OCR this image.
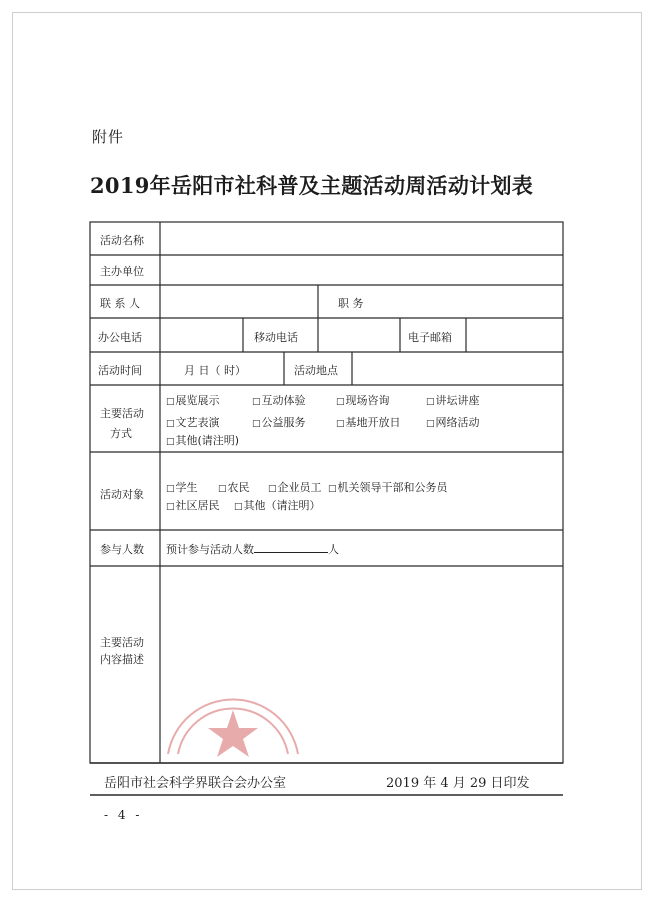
附件
2019年岳阳市社科普及主题活动周活动计划表
活动名称
主办单位
联 系 人	职 务
办公电话	移动电话	电子邮箱
活动时间	月 日（ 时）	活动地点
主要活动
方式
□展览展示	□互动体验	□现场咨询	□讲坛讲座
□文艺表演	□公益服务	□基地开放日	□网络活动
□其他(请注明)
活动对象 □学生 □农民 □企业员工 □机关领导干部和公务员
□社区居民 □其他（请注明）
参与人数 预计参与活动人数	人
主要活动
内容描述
岳阳市社会科学界联合会办公室	2019 年 4 月 29 日印发
- 4 -
